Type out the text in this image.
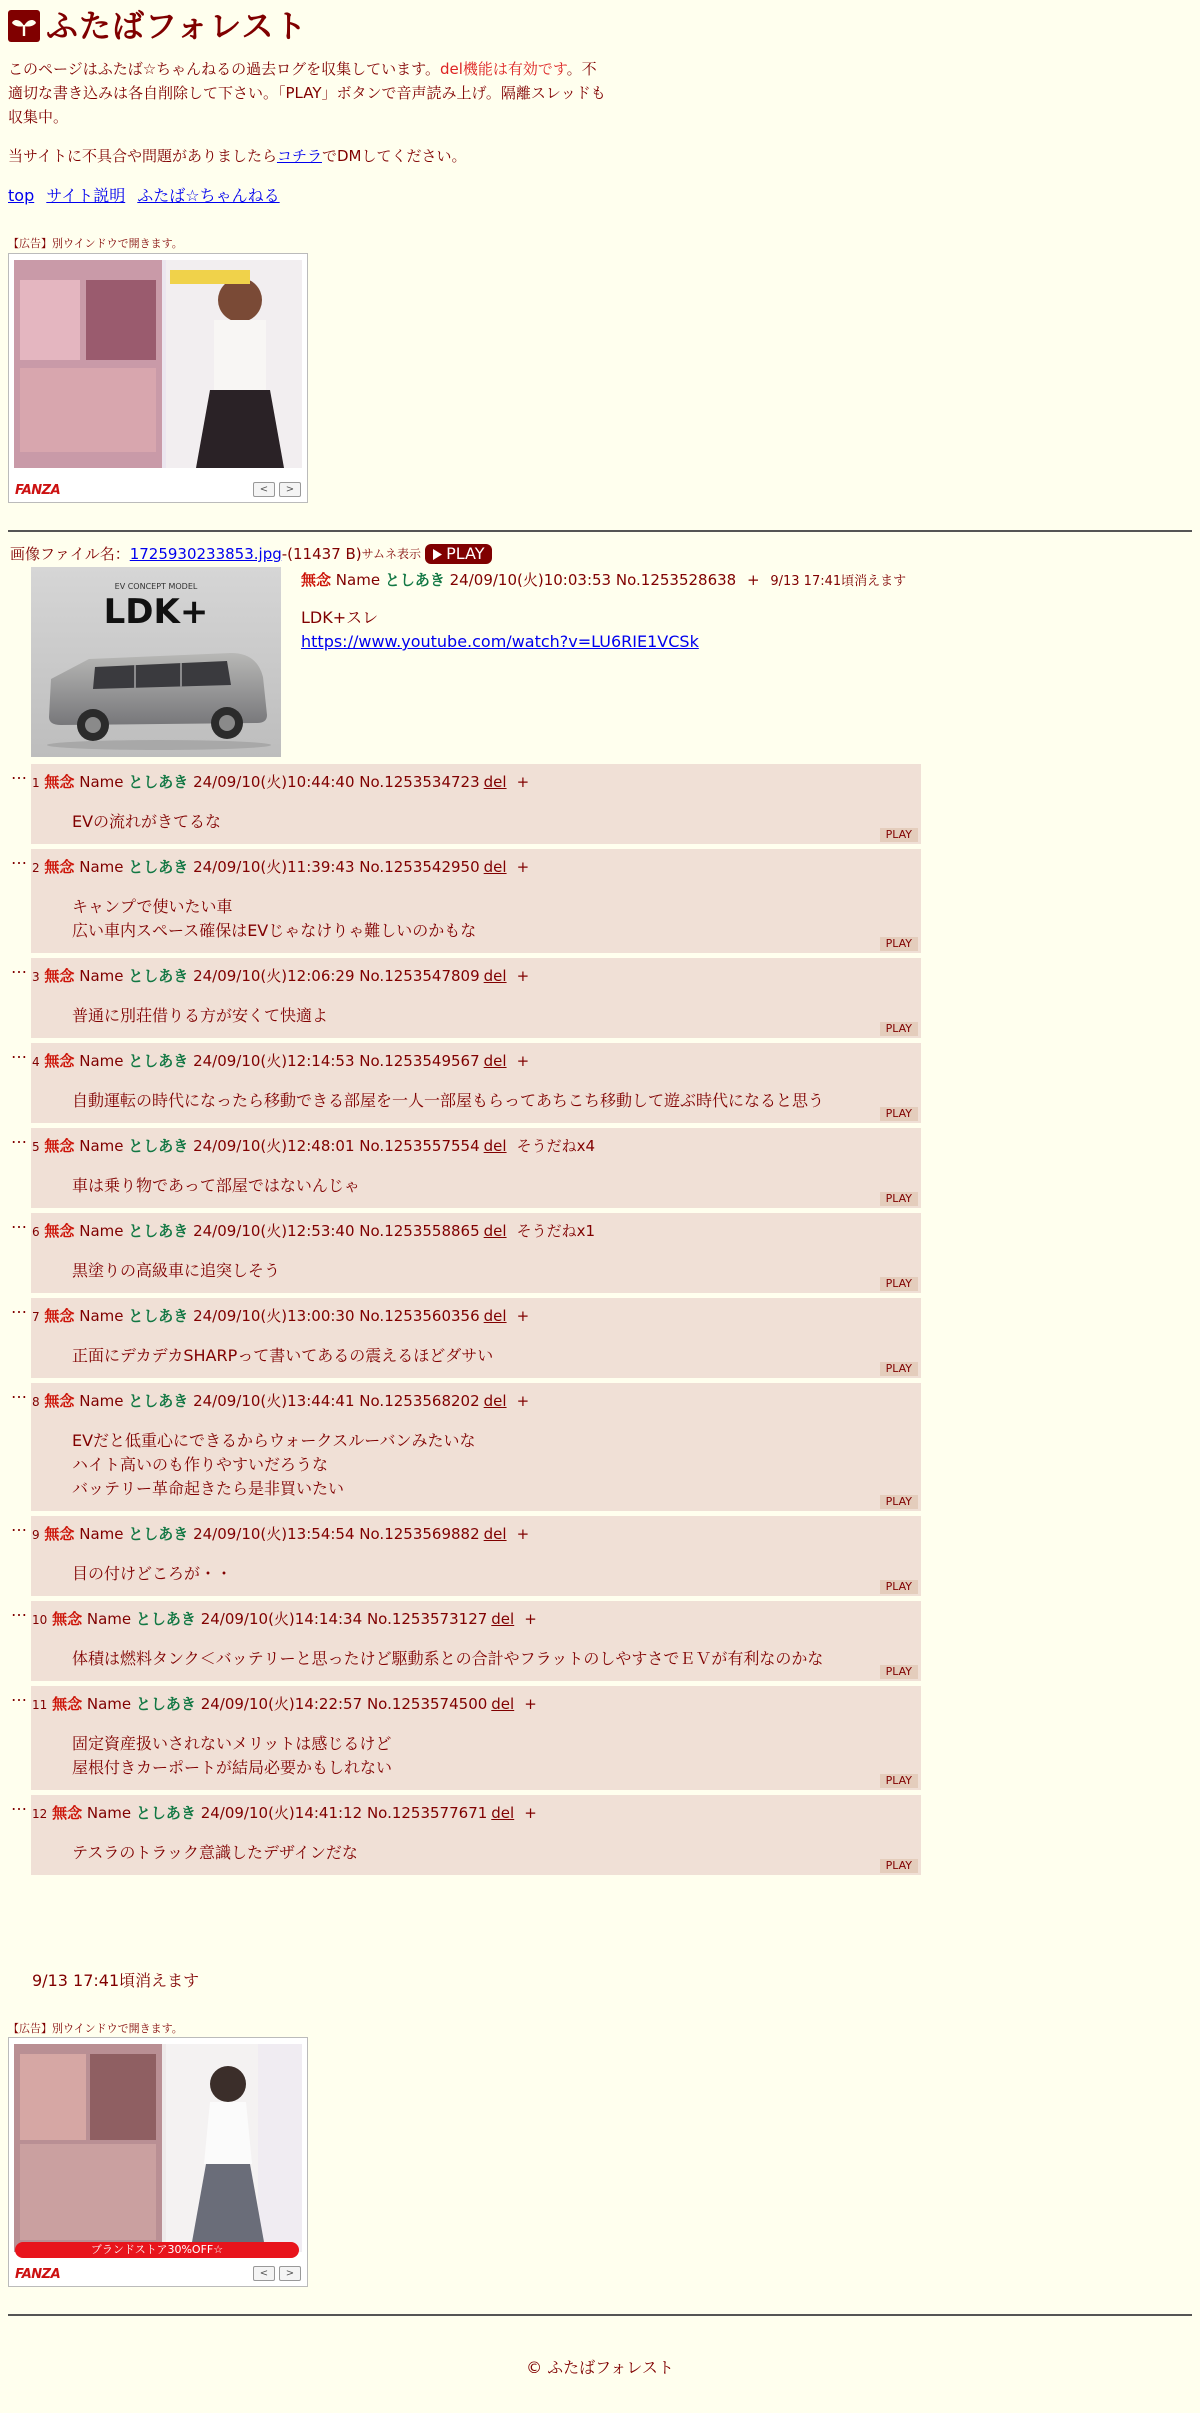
ふたばフォレスト
このページはふたば☆ちゃんねるの過去ログを収集しています。del機能は有効です。不適切な書き込みは各自削除して下さい。「PLAY」ボタンで音声読み上げ。隔離スレッドも収集中。
当サイトに不具合や問題がありましたらコチラでDMしてください。
top サイト説明 ふたば☆ちゃんねる
【広告】別ウインドウで開きます。
FANZA	<	>
画像ファイル名： 1725930233853.jpg -(11437 B) サムネ表示 PLAY
EV CONCEPT MODEL
LDK+
無念 Name としあき 24/09/10(火)10:03:53 No.1253528638 + 9/13 17:41頃消えます
LDK+スレ
https://www.youtube.com/watch?v=LU6RIE1VCSk
… 1 無念 Name としあき 24/09/10(火)10:44:40 No.1253534723 del +
EVの流れがきてるな
PLAY
… 2 無念 Name としあき 24/09/10(火)11:39:43 No.1253542950 del +
キャンプで使いたい車
広い車内スペース確保はEVじゃなけりゃ難しいのかもな
PLAY
… 3 無念 Name としあき 24/09/10(火)12:06:29 No.1253547809 del +
普通に別荘借りる方が安くて快適よ
PLAY
… 4 無念 Name としあき 24/09/10(火)12:14:53 No.1253549567 del +
自動運転の時代になったら移動できる部屋を一人一部屋もらってあちこち移動して遊ぶ時代になると思う
PLAY
… 5 無念 Name としあき 24/09/10(火)12:48:01 No.1253557554 del そうだねx4
車は乗り物であって部屋ではないんじゃ
PLAY
… 6 無念 Name としあき 24/09/10(火)12:53:40 No.1253558865 del そうだねx1
黒塗りの高級車に追突しそう
PLAY
… 7 無念 Name としあき 24/09/10(火)13:00:30 No.1253560356 del +
正面にデカデカSHARPって書いてあるの震えるほどダサい
PLAY
… 8 無念 Name としあき 24/09/10(火)13:44:41 No.1253568202 del +
EVだと低重心にできるからウォークスルーバンみたいな
ハイト高いのも作りやすいだろうな
バッテリー革命起きたら是非買いたい
PLAY
… 9 無念 Name としあき 24/09/10(火)13:54:54 No.1253569882 del +
目の付けどころが・・
PLAY
… 10 無念 Name としあき 24/09/10(火)14:14:34 No.1253573127 del +
体積は燃料タンク＜バッテリーと思ったけど駆動系との合計やフラットのしやすさでＥＶが有利なのかな
PLAY
… 11 無念 Name としあき 24/09/10(火)14:22:57 No.1253574500 del +
固定資産扱いされないメリットは感じるけど
屋根付きカーポートが結局必要かもしれない
PLAY
… 12 無念 Name としあき 24/09/10(火)14:41:12 No.1253577671 del +
テスラのトラック意識したデザインだな
PLAY
9/13 17:41頃消えます
【広告】別ウインドウで開きます。
ブランドストア30%OFF☆
FANZA	<	>
© ふたばフォレスト
